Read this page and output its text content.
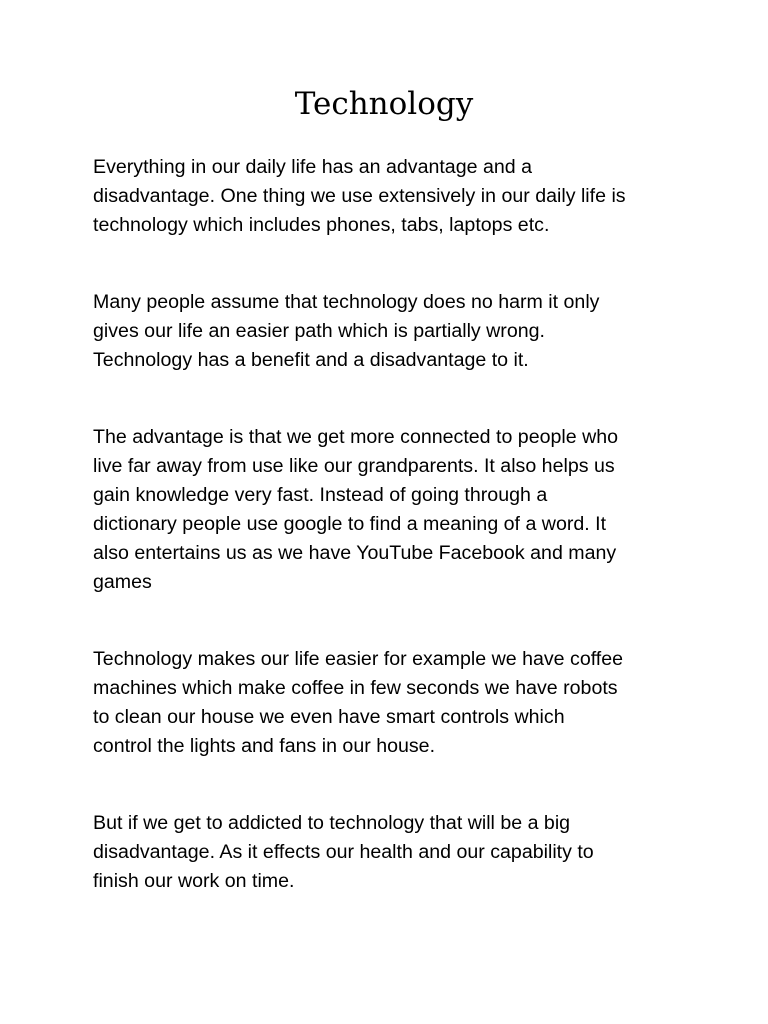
Technology
Everything in our daily life has an advantage and a
disadvantage. One thing we use extensively in our daily life is
technology which includes phones, tabs, laptops etc.
Many people assume that technology does no harm it only
gives our life an easier path which is partially wrong.
Technology has a benefit and a disadvantage to it.
The advantage is that we get more connected to people who
live far away from use like our grandparents. It also helps us
gain knowledge very fast. Instead of going through a
dictionary people use google to find a meaning of a word. It
also entertains us as we have YouTube Facebook and many
games
Technology makes our life easier for example we have coffee
machines which make coffee in few seconds we have robots
to clean our house we even have smart controls which
control the lights and fans in our house.
But if we get to addicted to technology that will be a big
disadvantage. As it effects our health and our capability to
finish our work on time.
